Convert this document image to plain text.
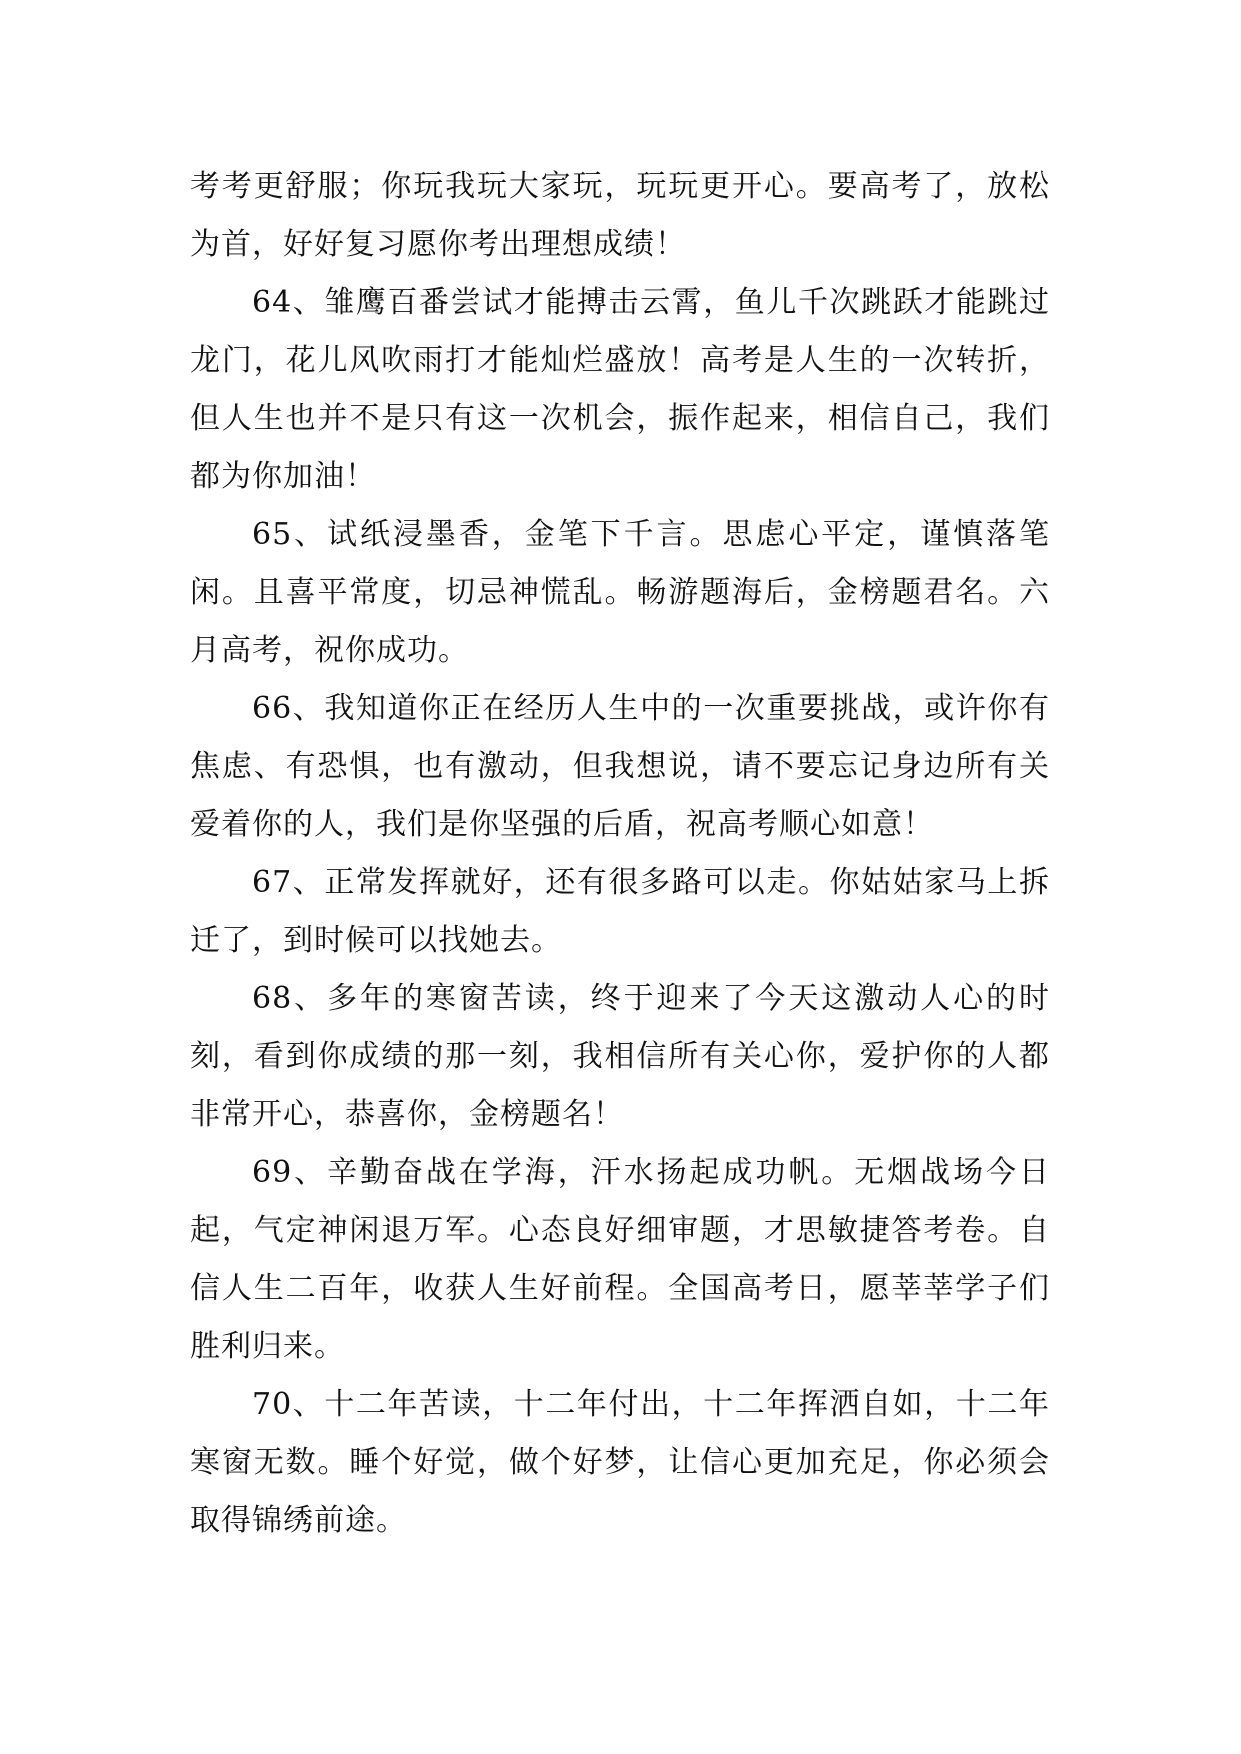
考考更舒服；你玩我玩大家玩，玩玩更开心。要高考了，放松为首，好好复习愿你考出理想成绩！

64、雏鹰百番尝试才能搏击云霄，鱼儿千次跳跃才能跳过龙门，花儿风吹雨打才能灿烂盛放！高考是人生的一次转折，但人生也并不是只有这一次机会，振作起来，相信自己，我们都为你加油！

65、试纸浸墨香，金笔下千言。思虑心平定，谨慎落笔闲。且喜平常度，切忌神慌乱。畅游题海后，金榜题君名。六月高考，祝你成功。

66、我知道你正在经历人生中的一次重要挑战，或许你有焦虑、有恐惧，也有激动，但我想说，请不要忘记身边所有关爱着你的人，我们是你坚强的后盾，祝高考顺心如意！

67、正常发挥就好，还有很多路可以走。你姑姑家马上拆迁了，到时候可以找她去。

68、多年的寒窗苦读，终于迎来了今天这激动人心的时刻，看到你成绩的那一刻，我相信所有关心你，爱护你的人都非常开心，恭喜你，金榜题名！

69、辛勤奋战在学海，汗水扬起成功帆。无烟战场今日起，气定神闲退万军。心态良好细审题，才思敏捷答考卷。自信人生二百年，收获人生好前程。全国高考日，愿莘莘学子们胜利归来。

70、十二年苦读，十二年付出，十二年挥洒自如，十二年寒窗无数。睡个好觉，做个好梦，让信心更加充足，你必须会取得锦绣前途。
